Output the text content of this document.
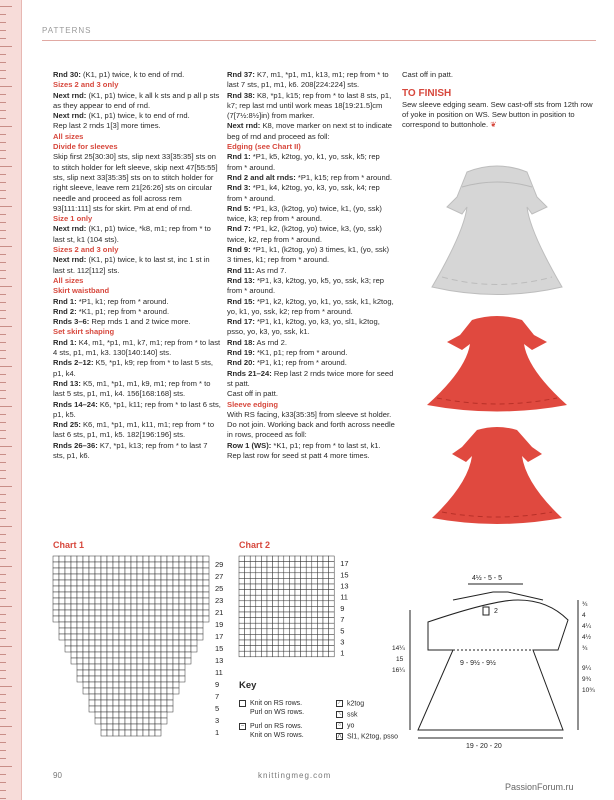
PATTERNS

Rnd 30: (K1, p1) twice, k to end of rnd.

Sizes 2 and 3 only

Next rnd: (K1, p1) twice, k all k sts and p all p sts as they appear to end of rnd.

Next rnd: (K1, p1) twice, k to end of rnd.

Rep last 2 rnds 1[3] more times.

All sizes

Divide for sleeves

Skip first 25[30:30] sts, slip next 33[35:35] sts on to stitch holder for left sleeve, skip next 47[55:55] sts, slip next 33[35:35] sts on to stitch holder for right sleeve, leave rem 21[26:26] sts on circular needle and proceed as foll across rem 93[111:111] sts for skirt. Pm at end of rnd.

Size 1 only

Next rnd: (K1, p1) twice, *k8, m1; rep from * to last st, k1 (104 sts).

Sizes 2 and 3 only

Next rnd: (K1, p1) twice, k to last st, inc 1 st in last st. 112[112] sts.

All sizes

Skirt waistband

Rnd 1: *P1, k1; rep from * around.

Rnd 2: *K1, p1; rep from * around.

Rnds 3–6: Rep rnds 1 and 2 twice more.

Set skirt shaping

Rnd 1: K4, m1, *p1, m1, k7, m1; rep from * to last 4 sts, p1, m1, k3. 130[140:140] sts.

Rnds 2–12: K5, *p1, k9; rep from * to last 5 sts, p1, k4.

Rnd 13: K5, m1, *p1, m1, k9, m1; rep from * to last 5 sts, p1, m1, k4. 156[168:168] sts.

Rnds 14–24: K6, *p1, k11; rep from * to last 6 sts, p1, k5.

Rnd 25: K6, m1, *p1, m1, k11, m1; rep from * to last 6 sts, p1, m1, k5. 182[196:196] sts.

Rnds 26–36: K7, *p1, k13; rep from * to last 7 sts, p1, k6.

Rnd 37: K7, m1, *p1, m1, k13, m1; rep from * to last 7 sts, p1, m1, k6. 208[224:224] sts.

Rnd 38: K8, *p1, k15; rep from * to last 8 sts, p1, k7; rep last rnd until work meas 18[19:21.5]cm (7[7½:8½]in) from marker.

Next rnd: K8, move marker on next st to indicate beg of rnd and proceed as foll:

Edging (see Chart II)

Rnd 1: *P1, k5, k2tog, yo, k1, yo, ssk, k5; rep from * around.

Rnd 2 and alt rnds: *P1, k15; rep from * around.

Rnd 3: *P1, k4, k2tog, yo, k3, yo, ssk, k4; rep from * around.

Rnd 5: *P1, k3, (k2tog, yo) twice, k1, (yo, ssk) twice, k3; rep from * around.

Rnd 7: *P1, k2, (k2tog, yo) twice, k3, (yo, ssk) twice, k2, rep from * around.

Rnd 9: *P1, k1, (k2tog, yo) 3 times, k1, (yo, ssk) 3 times, k1; rep from * around.

Rnd 11: As rnd 7.

Rnd 13: *P1, k3, k2tog, yo, k5, yo, ssk, k3; rep from * around.

Rnd 15: *P1, k2, k2tog, yo, k1, yo, ssk, k1, k2tog, yo, k1, yo, ssk, k2; rep from * around.

Rnd 17: *P1, k1, k2tog, yo, k3, yo, sl1, k2tog, psso, yo, k3, yo, ssk, k1.

Rnd 18: As rnd 2.

Rnd 19: *K1, p1; rep from * around.

Rnd 20: *P1, k1; rep from * around.

Rnds 21–24: Rep last 2 rnds twice more for seed st patt.

Cast off in patt.

Sleeve edging

With RS facing, k33[35:35] from sleeve st holder. Do not join. Working back and forth across needle in rows, proceed as foll:

Row 1 (WS): *K1, p1; rep from * to last st, k1. Rep last row for seed st patt 4 more times.

Cast off in patt.

TO FINISH

Sew sleeve edging seam. Sew cast-off sts from 12th row of yoke in position on WS. Sew button in position to correspond to buttonhole. ❦

Chart 1
29
27
25
23
21
19
17
15
13
11
9
7
5
3
1
Chart 2
17
15
13
11
9
7
5
3
1
Key
Knit on RS rows.
Purl on WS rows.
– Purl on RS rows.
Knit on WS rows.
⟋ k2tog
⟍ ssk
○ yo
⋀ Sl1, K2tog, psso
4½ - 5 - 5
2
9 - 9½ - 9½
19 - 20 - 20
¾
4
4¼
4½
¾
9¼
9¾
10¾
14¼
15
16¼
90	knittingmeg.com
PassionForum.ru
